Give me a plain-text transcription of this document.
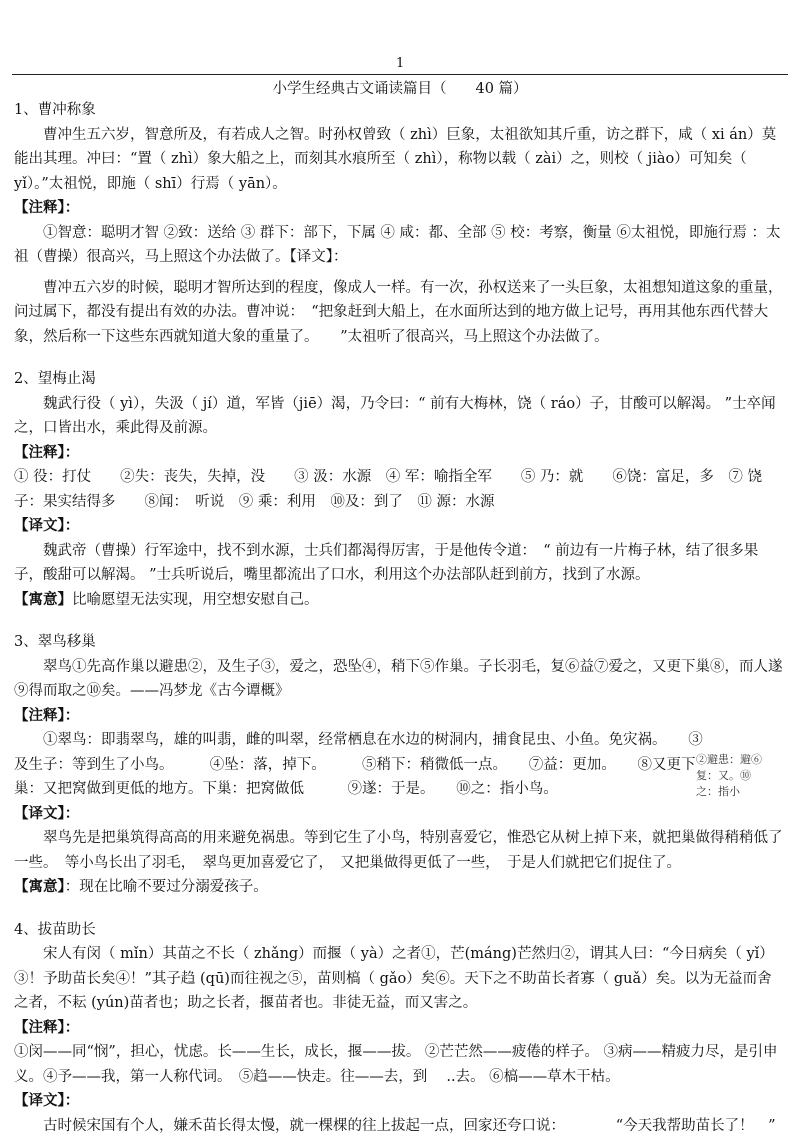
1
小学生经典古文诵读篇目（　　40 篇）
1、曹冲称象
曹冲生五六岁，智意所及，有若成人之智。时孙权曾致（ zhì）巨象，太祖欲知其斤重，访之群下，咸（ xi án）莫能出其理。冲曰：“置（ zhì）象大船之上，而刻其水痕所至（ zhì），称物以载（ zài）之，则校（ jiào）可知矣（ yǐ）。”太祖悦，即施（ shī）行焉（ yān）。
【注释】：
①智意：聪明才智 ②致：送给 ③ 群下：部下，下属 ④ 咸：都、全部 ⑤ 校：考察，衡量 ⑥太祖悦，即施行焉 ：太祖（曹操）很高兴，马上照这个办法做了。【译文】：
曹冲五六岁的时候，聪明才智所达到的程度，像成人一样。有一次，孙权送来了一头巨象，太祖想知道这象的重量，问过属下，都没有提出有效的办法。曹冲说：　“把象赶到大船上，在水面所达到的地方做上记号，再用其他东西代替大象，然后称一下这些东西就知道大象的重量了。　　”太祖听了很高兴，马上照这个办法做了。
2、望梅止渴
魏武行役（ yì），失汲（ jí）道，军皆（jiē）渴，乃令曰：“ 前有大梅林，饶（ ráo）子，甘酸可以解渴。 ”士卒闻之，口皆出水，乘此得及前源。
【注释】：
① 役：打仗　　②失：丧失，失掉，没　　③ 汲：水源　④ 军：喻指全军　　⑤ 乃：就　　⑥饶：富足，多　⑦ 饶子：果实结得多　　⑧闻：　听说　⑨ 乘：利用　⑩及：到了　⑪ 源：水源
【译文】：
魏武帝（曹操）行军途中，找不到水源，士兵们都渴得厉害，于是他传令道：　“ 前边有一片梅子林，结了很多果子，酸甜可以解渴。 ”士兵听说后，嘴里都流出了口水，利用这个办法部队赶到前方，找到了水源。
【寓意】比喻愿望无法实现，用空想安慰自己。
3、翠鸟移巢
翠鸟①先高作巢以避患②，及生子③，爱之，恐坠④，稍下⑤作巢。子长羽毛，复⑥益⑦爱之，又更下巢⑧，而人遂⑨得而取之⑩矣。——冯梦龙《古今谭概》
【注释】：
①翠鸟：即翡翠鸟，雄的叫翡，雌的叫翠，经常栖息在水边的树洞内，捕食昆虫、小鱼。免灾祸。　　③及生子：等到生了小鸟。　　　④坠：落，掉下。　　　⑤稍下：稍微低一点。　　⑦益：更加。　　⑧又更下巢：又把窝做到更低的地方。下巢：把窝做低　　　⑨遂：于是。　　⑩之：指小鸟。
②避患：避⑥复：又。⑩之：指小
【译文】：
翠鸟先是把巢筑得高高的用来避免祸患。等到它生了小鸟，特别喜爱它，惟恐它从树上掉下来，就把巢做得稍稍低了一些。　等小鸟长出了羽毛，　翠鸟更加喜爱它了，　又把巢做得更低了一些，　于是人们就把它们捉住了。
【寓意】：现在比喻不要过分溺爱孩子。
4、拔苗助长
宋人有闵（ mǐn）其苗之不长（ zhǎng）而揠（ yà）之者①，芒(máng)芒然归②，谓其人曰：“今日病矣（ yǐ）③！予助苗长矣④！”其子趋 (qū)而往视之⑤，苗则槁（ gǎo）矣⑥。天下之不助苗长者寡（ guǎ）矣。以为无益而舍之者，不耘 (yún)苗者也；助之长者，揠苗者也。非徒无益，而又害之。
【注释】：
①闵——同“悯”，担心，忧虑。长——生长，成长，揠——拔。 ②芒芒然——疲倦的样子。 ③病——精疲力尽，是引申义。④予——我，第一人称代词。　⑤趋——快走。往——去，到　 ..去。 ⑥槁——草木干枯。
【译文】：
古时候宋国有个人，嫌禾苗长得太慢，就一棵棵的往上拔起一点，回家还夸口说：　　　　“今天我帮助苗长了！　”
